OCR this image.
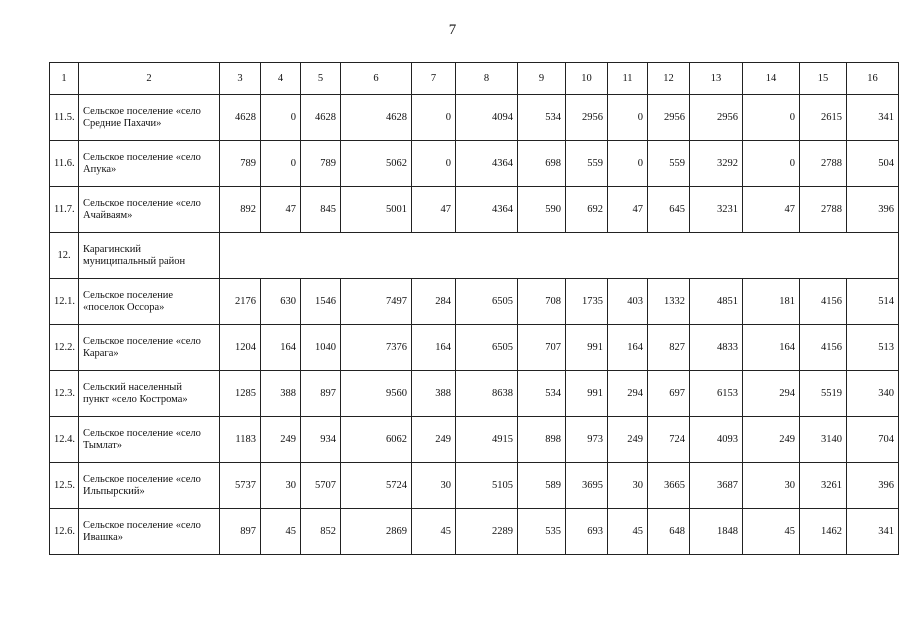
7
1	2	3	4	5	6	7	8	9	10	11	12	13	14	15	16
11.5.	Сельское поселение «село
Средние Пахачи»	4628	0	4628	4628	0	4094	534	2956	0	2956	2956	0	2615	341
11.6.	Сельское поселение «село
Апука»	789	0	789	5062	0	4364	698	559	0	559	3292	0	2788	504
11.7.	Сельское поселение «село
Ачайваям»	892	47	845	5001	47	4364	590	692	47	645	3231	47	2788	396
12.	Карагинский
муниципальный район														
12.1.	Сельское поселение
«поселок Оссора»	2176	630	1546	7497	284	6505	708	1735	403	1332	4851	181	4156	514
12.2.	Сельское поселение «село
Карага»	1204	164	1040	7376	164	6505	707	991	164	827	4833	164	4156	513
12.3.	Сельский населенный
пункт «село Кострома»	1285	388	897	9560	388	8638	534	991	294	697	6153	294	5519	340
12.4.	Сельское поселение «село
Тымлат»	1183	249	934	6062	249	4915	898	973	249	724	4093	249	3140	704
12.5.	Сельское поселение «село
Ильпырский»	5737	30	5707	5724	30	5105	589	3695	30	3665	3687	30	3261	396
12.6.	Сельское поселение «село
Ивашка»	897	45	852	2869	45	2289	535	693	45	648	1848	45	1462	341
